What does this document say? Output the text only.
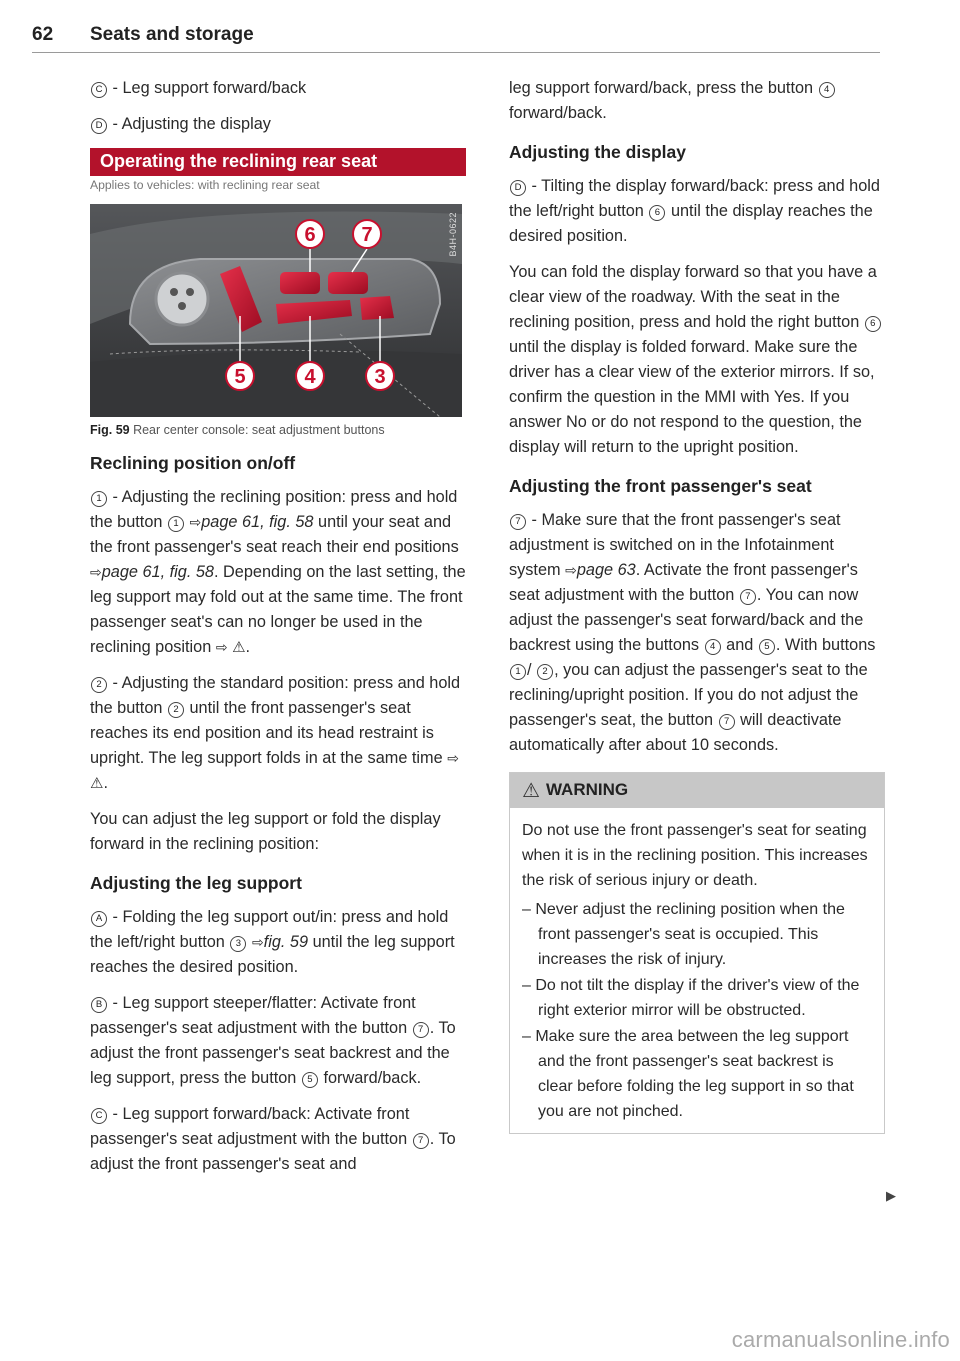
62 Seats and storage

C - Leg support forward/back

D - Adjusting the display

Operating the reclining rear seat
Applies to vehicles: with reclining rear seat
6 7
5	4	3
B4H-0622
Fig. 59 Rear center console: seat adjustment buttons
Reclining position on/off

1 - Adjusting the reclining position: press and hold the button 1 ⇨page 61, fig. 58 until your seat and the front passenger's seat reach their end positions ⇨page 61, fig. 58. Depending on the last setting, the leg support may fold out at the same time. The front passenger seat's can no longer be used in the reclining position ⇨ ⚠.

2 - Adjusting the standard position: press and hold the button 2 until the front passenger's seat reaches its end position and its head restraint is upright. The leg support folds in at the same time ⇨ ⚠.

You can adjust the leg support or fold the display forward in the reclining position:

Adjusting the leg support

A - Folding the leg support out/in: press and hold the left/right button 3 ⇨fig. 59 until the leg support reaches the desired position.

B - Leg support steeper/flatter: Activate front passenger's seat adjustment with the button 7 . To adjust the front passenger's seat backrest and the leg support, press the button 5 forward/back.

C - Leg support forward/back: Activate front passenger's seat adjustment with the button 7 . To adjust the front passenger's seat and

leg support forward/back, press the button 4 forward/back.

Adjusting the display

D - Tilting the display forward/back: press and hold the left/right button 6 until the display reaches the desired position.

You can fold the display forward so that you have a clear view of the roadway. With the seat in the reclining position, press and hold the right button 6 until the display is folded forward. Make sure the driver has a clear view of the exterior mirrors. If so, confirm the question in the MMI with Yes. If you answer No or do not respond to the question, the display will return to the upright position.

Adjusting the front passenger's seat

7 - Make sure that the front passenger's seat adjustment is switched on in the Infotainment system ⇨page 63. Activate the front passenger's seat adjustment with the button 7 . You can now adjust the passenger's seat forward/back and the backrest using the buttons 4 and 5 . With buttons 1 / 2 , you can adjust the passenger's seat to the reclining/upright position. If you do not adjust the passenger's seat, the button 7 will deactivate automatically after about 10 seconds.

⚠ WARNING

Do not use the front passenger's seat for seating when it is in the reclining position. This increases the risk of serious injury or death.

– Never adjust the reclining position when the front passenger's seat is occupied. This increases the risk of injury.
– Do not tilt the display if the driver's view of the right exterior mirror will be obstructed.
– Make sure the area between the leg support and the front passenger's seat backrest is clear before folding the leg support in so that you are not pinched.
▶
carmanualsonline.info
